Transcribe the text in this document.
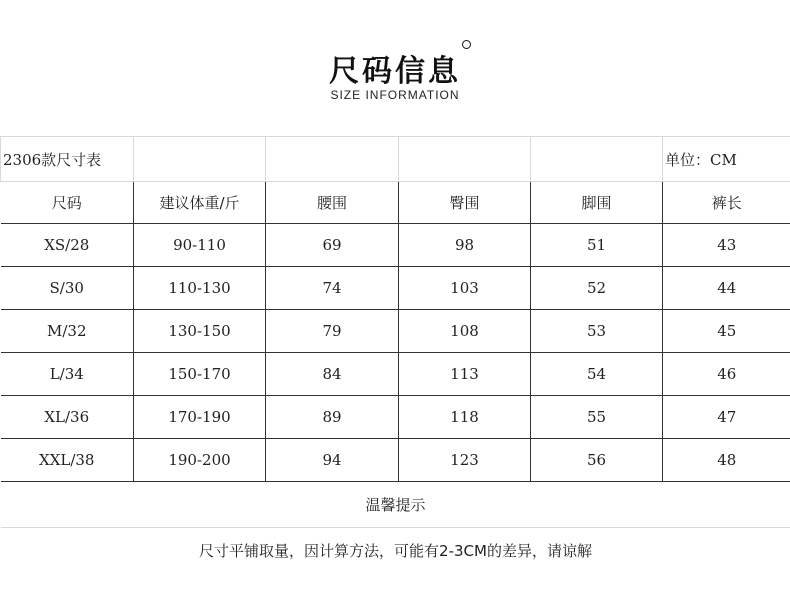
尺码信息
SIZE INFORMATION
2306款尺寸表					单位：CM
尺码	建议体重/斤	腰围	臀围	脚围	裤长
XS/28	90-110	69	98	51	43
S/30	110-130	74	103	52	44
M/32	130-150	79	108	53	45
L/34	150-170	84	113	54	46
XL/36	170-190	89	118	55	47
XXL/38	190-200	94	123	56	48
温馨提示					
尺寸平铺取量，因计算方法，可能有2-3CM的差异，请谅解					
